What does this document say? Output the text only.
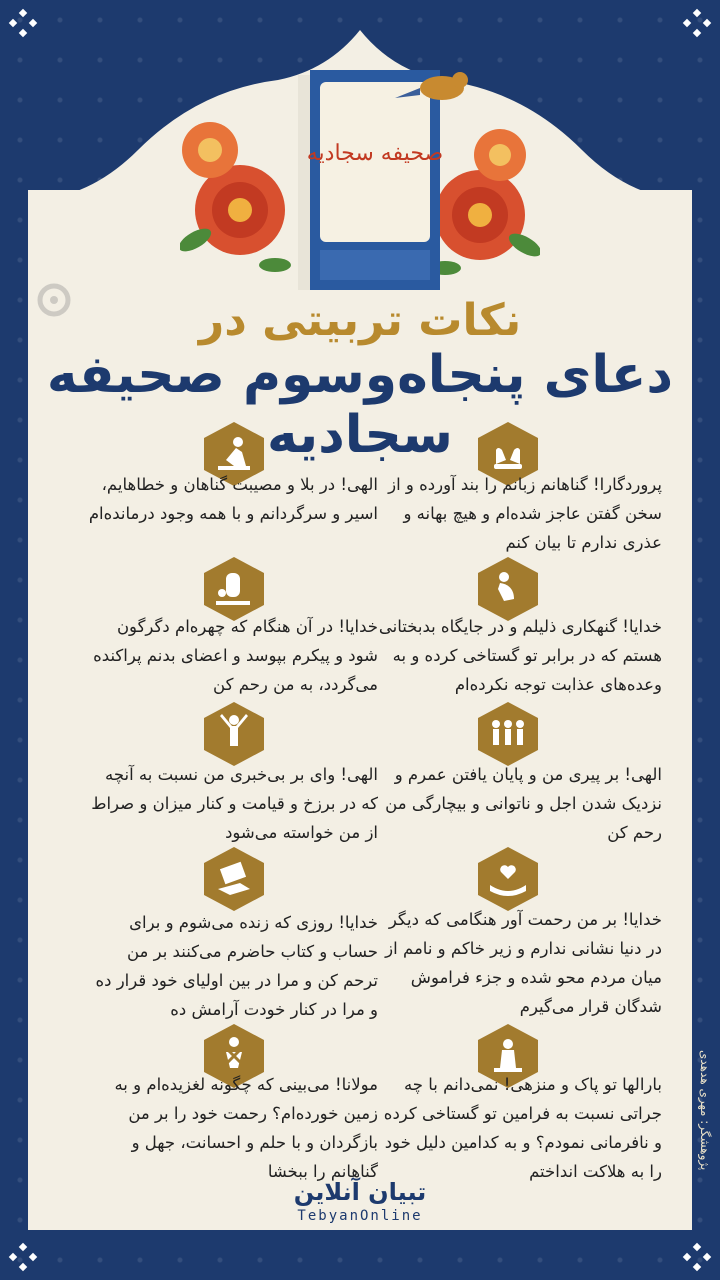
صحیفه سجادیه
نکات تربیتی در
دعای پنجاه‌وسوم صحیفه سجادیه
پروردگارا! گناهانم زبانم را بند آورده و از سخن گفتن عاجز شده‌ام و هیچ بهانه و عذری ندارم تا بیان کنم
الهی! در بلا و مصیبت گناهان و خطاهایم، اسیر و سرگردانم و با همه وجود درمانده‌ام
خدایا! گنهکاری ذلیلم و در جایگاه بدبختانی هستم که در برابر تو گستاخی کرده و به وعده‌های عذابت توجه نکرده‌ام
خدایا! در آن هنگام که چهره‌ام دگرگون شود و پیکرم بپوسد و اعضای بدنم پراکنده می‌گردد، به من رحم کن
الهی! بر پیری من و پایان یافتن عمرم و نزدیک شدن اجل و ناتوانی و بیچارگی من رحم کن
الهی! وای بر بی‌خبری من نسبت به آنچه که در برزخ و قیامت و کنار میزان و صراط از من خواسته می‌شود
خدایا! بر من رحمت آور هنگامی که دیگر در دنیا نشانی ندارم و زیر خاکم و نامم از میان مردم محو شده و جزء فراموش شدگان قرار می‌گیرم
خدایا! روزی که زنده می‌شوم و برای حساب و کتاب حاضرم می‌کنند بر من ترحم کن و مرا در بین اولیای خود قرار ده و مرا در کنار خودت آرامش ده
بارالها تو پاک و منزهی! نمی‌دانم با چه جراتی نسبت به فرامین تو گستاخی کرده و نافرمانی نمودم؟ و به کدامین دلیل خود را به هلاکت انداختم
مولانا! می‌بینی که چگونه لغزیده‌ام و به زمین خورده‌ام؟ رحمت خود را بر من بازگردان و با حلم و احسانت، جهل و گناهانم را ببخشا
پژوهشگر: مهری هدهدی
تبیان آنلاین
TebyanOnline
